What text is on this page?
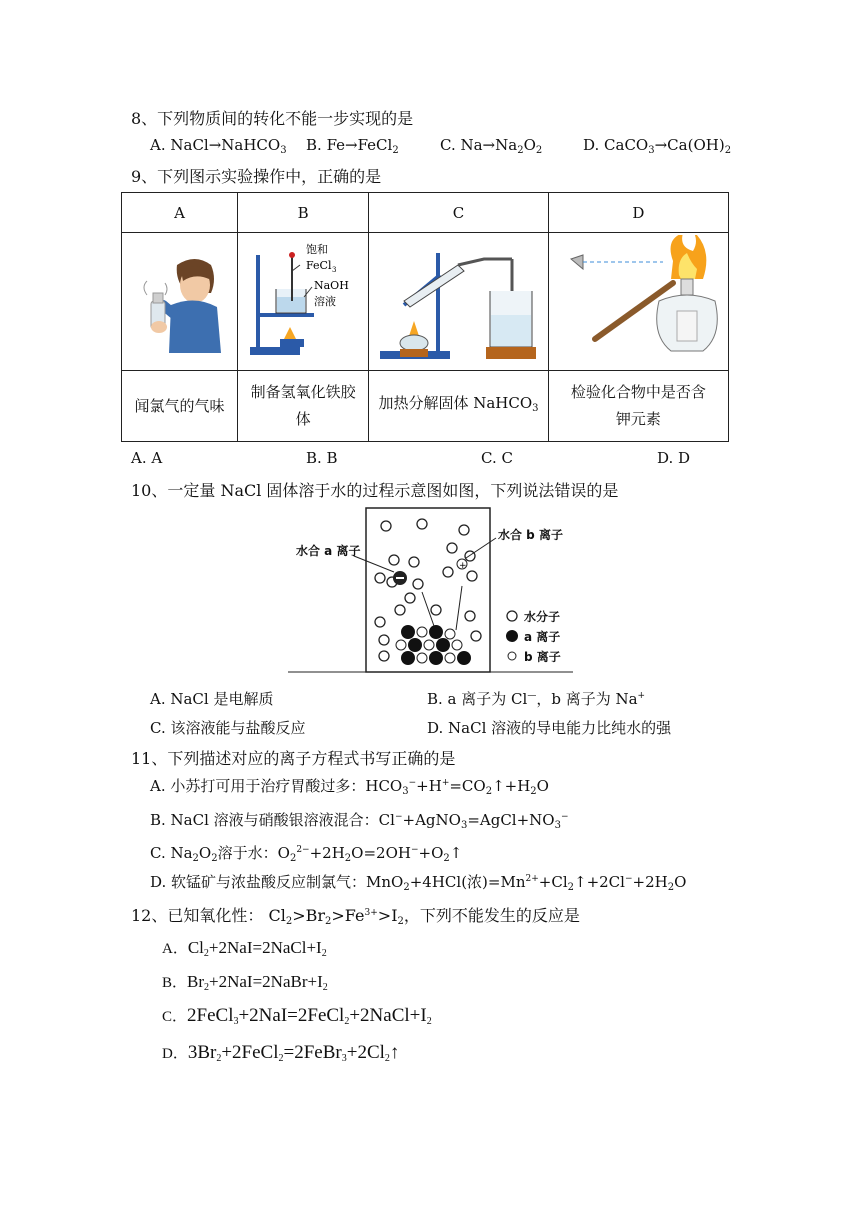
8、下列物质间的转化不能一步实现的是
A. NaCl→NaHCO$_3$ B. Fe→FeCl$_2$	C. $Na\to Na_2O_2$	D. $CaCO_3\to Ca(OH)_2$
9、下列图示实验操作中，正确的是
A	B	C	D

饱和
FeCl 3
NaOH
溶液

闻氯气的气味	制备氢氧化铁胶体	加热分解固体 NaHCO$_3$	检验化合物中是否含钾元素
A. A	B. B	C. C	D. D
10、一定量 NaCl 固体溶于水的过程示意图如图，下列说法错误的是
+
水合 a 离子
水合 b 离子
水分子
a 离子
b 离子
A. NaCl 是电解质	B. a 离子为 Cl—，b 离子为 Na+
C. 该溶液能与盐酸反应	D. NaCl 溶液的导电能力比纯水的强
11、下列描述对应的离子方程式书写正确的是
A. 小苏打可用于治疗胃酸过多：$HCO_3^-+H^+=CO_2↑+H_2O$
B. NaCl 溶液与硝酸银溶液混合：$Cl^-+AgNO_3=AgCl+NO_3^-$
C. $Na_2O_2$溶于水：$O_2^{2-}+2H_2O=2OH^-+O_2↑$
D. 软锰矿与浓盐酸反应制氯气：MnO$_2$+4HCl(浓)$=Mn^{2+}+Cl_2↑+2Cl^-+2H_2O$
12、已知氧化性： $Cl_2>Br_2>Fe^{3+}>I_2$，下列不能发生的反应是
A．$Cl_2+2NaI=2NaCl+I_2$
B．$Br_2+2NaI=2NaBr+I_2$
C．$2FeCl_3+2NaI=2FeCl_2+2NaCl+I_2$
D．$3Br_2+2FeCl_2=2FeBr_3+2Cl_2↑$
